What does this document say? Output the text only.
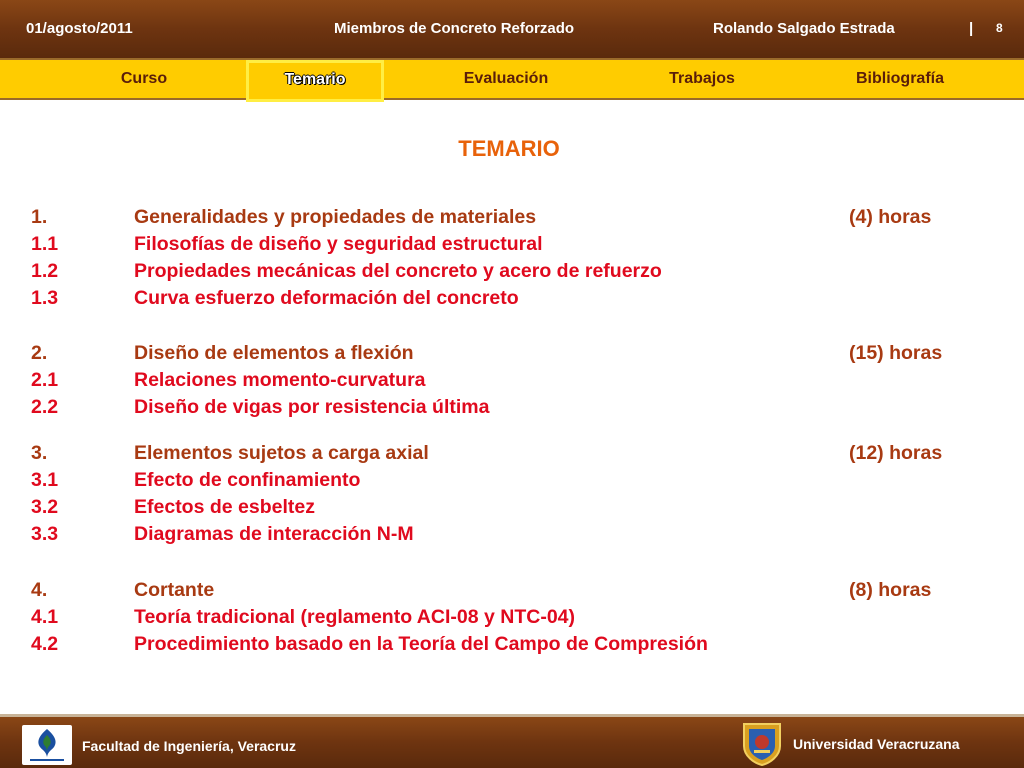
01/agosto/2011	Miembros de Concreto Reforzado	Rolando Salgado Estrada	| 8
Curso	Temario	Evaluación	Trabajos	Bibliografía
TEMARIO
1.	Generalidades y propiedades de materiales	(4) horas
1.1	Filosofías de diseño y seguridad estructural
1.2	Propiedades mecánicas del concreto y acero de refuerzo
1.3	Curva esfuerzo deformación del concreto
2.	Diseño de elementos a flexión	(15) horas
2.1	Relaciones momento-curvatura
2.2	Diseño de vigas por resistencia última
3.	Elementos sujetos a carga axial	(12) horas
3.1	Efecto de confinamiento
3.2	Efectos de esbeltez
3.3	Diagramas de interacción N-M
4.	Cortante	(8) horas
4.1	Teoría tradicional (reglamento ACI-08 y NTC-04)
4.2	Procedimiento basado en la Teoría del Campo de Compresión
Facultad de Ingeniería, Veracruz	Universidad Veracruzana
